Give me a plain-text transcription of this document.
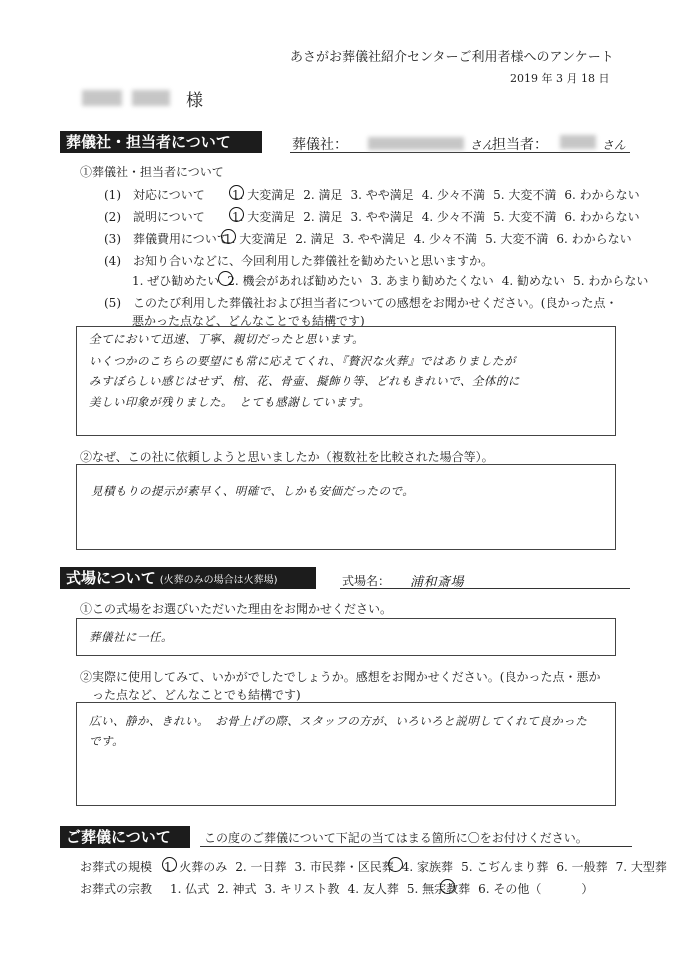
あさがお葬儀社紹介センターご利用者様へのアンケート
2019 年 3 月 18 日
様
葬儀社・担当者について	葬儀社：	さん
担当者：	さん
①葬儀社・担当者について
(1)　対応について 1. 大変満足 2. 満足 3. やや満足 4. 少々不満 5. 大変不満 6. わからない
(2)　説明について 1. 大変満足 2. 満足 3. やや満足 4. 少々不満 5. 大変不満 6. わからない
(3)　葬儀費用について
1. 大変満足 2. 満足 3. やや満足 4. 少々不満 5. 大変不満 6. わからない
(4)　お知り合いなどに、今回利用した葬儀社を勧めたいと思いますか。
1. ぜひ勧めたい 2. 機会があれば勧めたい 3. あまり勧めたくない 4. 勧めない 5. わからない
(5)　このたび利用した葬儀社および担当者についての感想をお聞かせください。(良かった点・
悪かった点など、どんなことでも結構です)
全てにおいて迅速、丁寧、親切だったと思います。
いくつかのこちらの要望にも常に応えてくれ、『贅沢な火葬』ではありましたが
みすぼらしい感じはせず、棺、花、骨壷、擬飾り等、どれもきれいで、全体的に
美しい印象が残りました。　とても感謝しています。
②なぜ、この社に依頼しようと思いましたか（複数社を比較された場合等）。
見積もりの提示が素早く、明確で、しかも安価だったので。
式場について (火葬のみの場合は火葬場)	式場名： 浦和斎場
①この式場をお選びいただいた理由をお聞かせください。
葬儀社に一任。
②実際に使用してみて、いかがでしたでしょうか。感想をお聞かせください。(良かった点・悪か
った点など、どんなことでも結構です)
広い、静か、きれい。　お骨上げの際、スタッフの方が、いろいろと説明してくれて良かった
です。
ご葬儀について	この度のご葬儀について下記の当てはまる箇所に〇をお付けください。
お葬式の規模 1. 火葬のみ 2. 一日葬 3. 市民葬・区民葬 4. 家族葬 5. こぢんまり葬 6. 一般葬 7. 大型葬
お葬式の宗教 1. 仏式 2. 神式 3. キリスト教 4. 友人葬 5. 無宗教葬 6. その他（	）
